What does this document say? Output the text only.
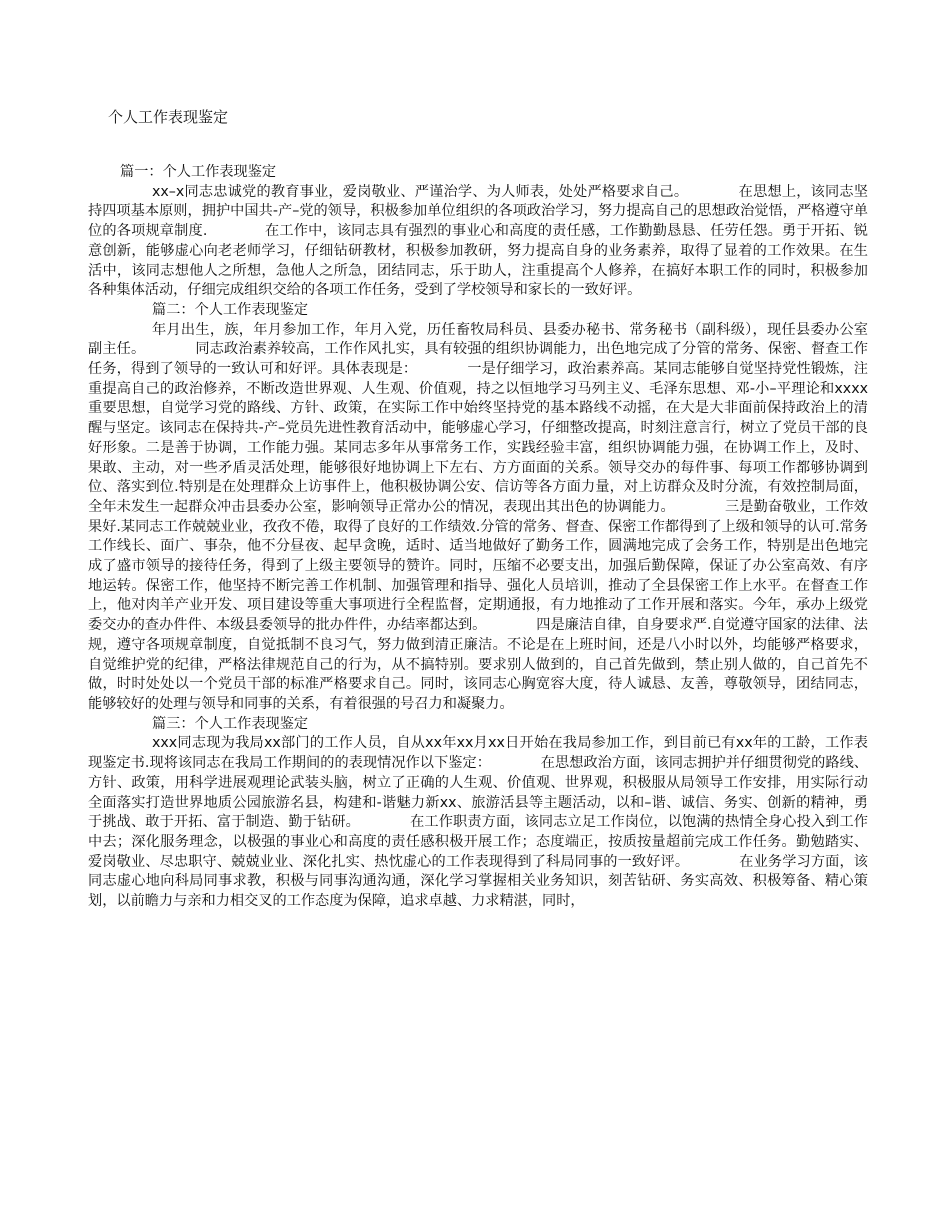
个人工作表现鉴定

篇一：个人工作表现鉴定

xx–x同志忠诚党的教育事业，爱岗敬业、严谨治学、为人师表，处处严格要求自己。　　　　在思想上，该同志坚持四项基本原则，拥护中国共-产–党的领导，积极参加单位组织的各项政治学习，努力提高自己的思想政治觉悟，严格遵守单位的各项规章制度.　　　　在工作中，该同志具有强烈的事业心和高度的责任感，工作勤勤恳恳、任劳任怨。勇于开拓、锐意创新，能够虚心向老老师学习，仔细钻研教材，积极参加教研，努力提高自身的业务素养，取得了显着的工作效果。在生活中，该同志想他人之所想，急他人之所急，团结同志，乐于助人，注重提高个人修养，在搞好本职工作的同时，积极参加各种集体活动，仔细完成组织交给的各项工作任务，受到了学校领导和家长的一致好评。

篇二：个人工作表现鉴定

年月出生，族，年月参加工作，年月入党，历任畜牧局科员、县委办秘书、常务秘书（副科级），现任县委办公室副主任。　　　　同志政治素养较高，工作作风扎实，具有较强的组织协调能力，出色地完成了分管的常务、保密、督查工作任务，得到了领导的一致认可和好评。具体表现是：　　　　一是仔细学习，政治素养高。某同志能够自觉坚持党性锻炼，注重提高自己的政治修养，不断改造世界观、人生观、价值观，持之以恒地学习马列主义、毛泽东思想、邓-小–平理论和xxxx重要思想，自觉学习党的路线、方针、政策，在实际工作中始终坚持党的基本路线不动摇，在大是大非面前保持政治上的清醒与坚定。该同志在保持共-产–党员先进性教育活动中，能够虚心学习，仔细整改提高，时刻注意言行，树立了党员干部的良好形象。二是善于协调，工作能力强。某同志多年从事常务工作，实践经验丰富，组织协调能力强，在协调工作上，及时、果敢、主动，对一些矛盾灵活处理，能够很好地协调上下左右、方方面面的关系。领导交办的每件事、每项工作都够协调到位、落实到位.特别是在处理群众上访事件上，他积极协调公安、信访等各方面力量，对上访群众及时分流，有效控制局面，全年未发生一起群众冲击县委办公室，影响领导正常办公的情况，表现出其出色的协调能力。　　　　三是勤奋敬业，工作效果好.某同志工作兢兢业业，孜孜不倦，取得了良好的工作绩效.分管的常务、督查、保密工作都得到了上级和领导的认可.常务工作线长、面广、事杂，他不分昼夜、起早贪晚，适时、适当地做好了勤务工作，圆满地完成了会务工作，特别是出色地完成了盛市领导的接待任务，得到了上级主要领导的赞许。同时，压缩不必要支出，加强后勤保障，保证了办公室高效、有序地运转。保密工作，他坚持不断完善工作机制、加强管理和指导、强化人员培训，推动了全县保密工作上水平。在督查工作上，他对肉羊产业开发、项目建设等重大事项进行全程监督，定期通报，有力地推动了工作开展和落实。今年，承办上级党委交办的查办件件、本级县委领导的批办件件，办结率都达到。　　　　四是廉洁自律，自身要求严.自觉遵守国家的法律、法规，遵守各项规章制度，自觉抵制不良习气，努力做到清正廉洁。不论是在上班时间，还是八小时以外，均能够严格要求，自觉维护党的纪律，严格法律规范自己的行为，从不搞特别。要求别人做到的，自己首先做到，禁止别人做的，自己首先不做，时时处处以一个党员干部的标准严格要求自己。同时，该同志心胸宽容大度，待人诚恳、友善，尊敬领导，团结同志，能够较好的处理与领导和同事的关系，有着很强的号召力和凝聚力。

篇三：个人工作表现鉴定

xxx同志现为我局xx部门的工作人员，自从xx年xx月xx日开始在我局参加工作，到目前已有xx年的工龄，工作表现鉴定书.现将该同志在我局工作期间的的表现情况作以下鉴定：　　　　在思想政治方面，该同志拥护并仔细贯彻党的路线、方针、政策，用科学进展观理论武装头脑，树立了正确的人生观、价值观、世界观，积极服从局领导工作安排，用实际行动全面落实打造世界地质公园旅游名县，构建和-谐魅力新xx、旅游活县等主题活动，以和–谐、诚信、务实、创新的精神，勇于挑战、敢于开拓、富于制造、勤于钻研。　　　　在工作职责方面，该同志立足工作岗位，以饱满的热情全身心投入到工作中去；深化服务理念，以极强的事业心和高度的责任感积极开展工作；态度端正，按质按量超前完成工作任务。勤勉踏实、爱岗敬业、尽忠职守、兢兢业业、深化扎实、热忱虚心的工作表现得到了科局同事的一致好评。　　　　在业务学习方面，该同志虚心地向科局同事求教，积极与同事沟通沟通，深化学习掌握相关业务知识，刻苦钻研、务实高效、积极筹备、精心策划，以前瞻力与亲和力相交叉的工作态度为保障，追求卓越、力求精湛，同时，
